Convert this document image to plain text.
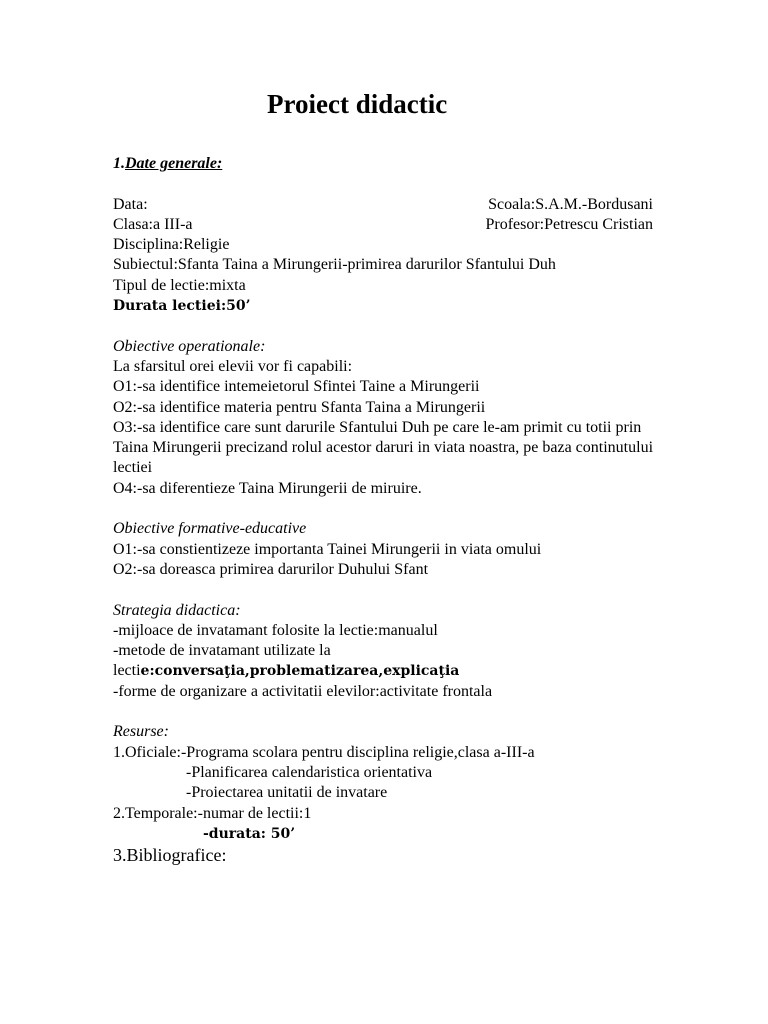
Proiect didactic
1.Date generale:
Data:	Scoala:S.A.M.-Bordusani
Clasa:a III-a	Profesor:Petrescu Cristian
Disciplina:Religie
Subiectul:Sfanta Taina a Mirungerii-primirea darurilor Sfantului Duh
Tipul de lectie:mixta
Durata lectiei:50’
Obiective operationale:
La sfarsitul orei elevii vor fi capabili:
O1:-sa identifice intemeietorul Sfintei Taine a Mirungerii
O2:-sa identifice materia pentru Sfanta Taina a Mirungerii
O3:-sa identifice care sunt darurile Sfantului Duh pe care le-am primit cu totii prin Taina Mirungerii precizand rolul acestor daruri in viata noastra, pe baza continutului lectiei
O4:-sa diferentieze Taina Mirungerii de miruire.
Obiective formative-educative
O1:-sa constientizeze importanta Tainei Mirungerii in viata omului
O2:-sa doreasca primirea darurilor Duhului Sfant
Strategia didactica:
-mijloace de invatamant folosite la lectie:manualul
-metode de invatamant utilizate la
lectie:conversaţia,problematizarea,explicaţia
-forme de organizare a activitatii elevilor:activitate frontala
Resurse:
1.Oficiale:-Programa scolara pentru disciplina religie,clasa a-III-a
-Planificarea calendaristica orientativa
-Proiectarea unitatii de invatare
2.Temporale:-numar de lectii:1
-durata: 50’
3.Bibliografice:
